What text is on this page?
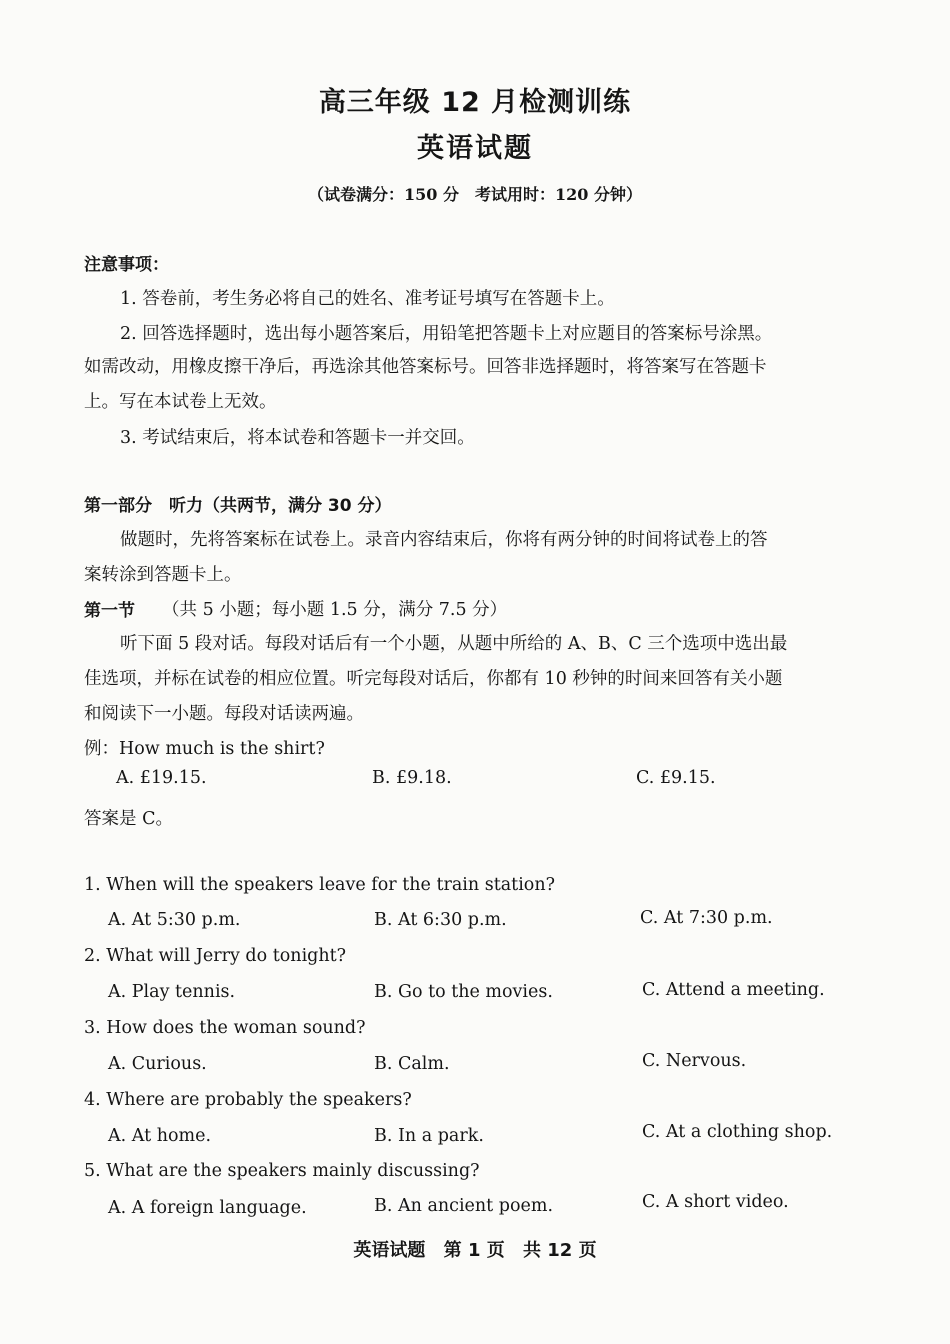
高三年级 12 月检测训练
英语试题
（试卷满分：150 分　考试用时：120 分钟）
注意事项：
1. 答卷前，考生务必将自己的姓名、准考证号填写在答题卡上。
2. 回答选择题时，选出每小题答案后，用铅笔把答题卡上对应题目的答案标号涂黑。
如需改动，用橡皮擦干净后，再选涂其他答案标号。回答非选择题时，将答案写在答题卡
上。写在本试卷上无效。
3. 考试结束后，将本试卷和答题卡一并交回。
第一部分　听力（共两节，满分 30 分）
做题时，先将答案标在试卷上。录音内容结束后，你将有两分钟的时间将试卷上的答
案转涂到答题卡上。
第一节 （共 5 小题；每小题 1.5 分，满分 7.5 分）
听下面 5 段对话。每段对话后有一个小题，从题中所给的 A、B、C 三个选项中选出最
佳选项，并标在试卷的相应位置。听完每段对话后，你都有 10 秒钟的时间来回答有关小题
和阅读下一小题。每段对话读两遍。
例：How much is the shirt?
A. £19.15.	B. £9.18.	C. £9.15.
答案是 C。
1. When will the speakers leave for the train station?
A. At 5:30 p.m.	B. At 6:30 p.m.	C. At 7:30 p.m.
2. What will Jerry do tonight?
A. Play tennis.	B. Go to the movies.	C. Attend a meeting.
3. How does the woman sound?
A. Curious.	B. Calm.	C. Nervous.
4. Where are probably the speakers?
A. At home.	B. In a park.	C. At a clothing shop.
5. What are the speakers mainly discussing?
A. A foreign language.	B. An ancient poem.	C. A short video.
英语试题 第 1 页 共 12 页
